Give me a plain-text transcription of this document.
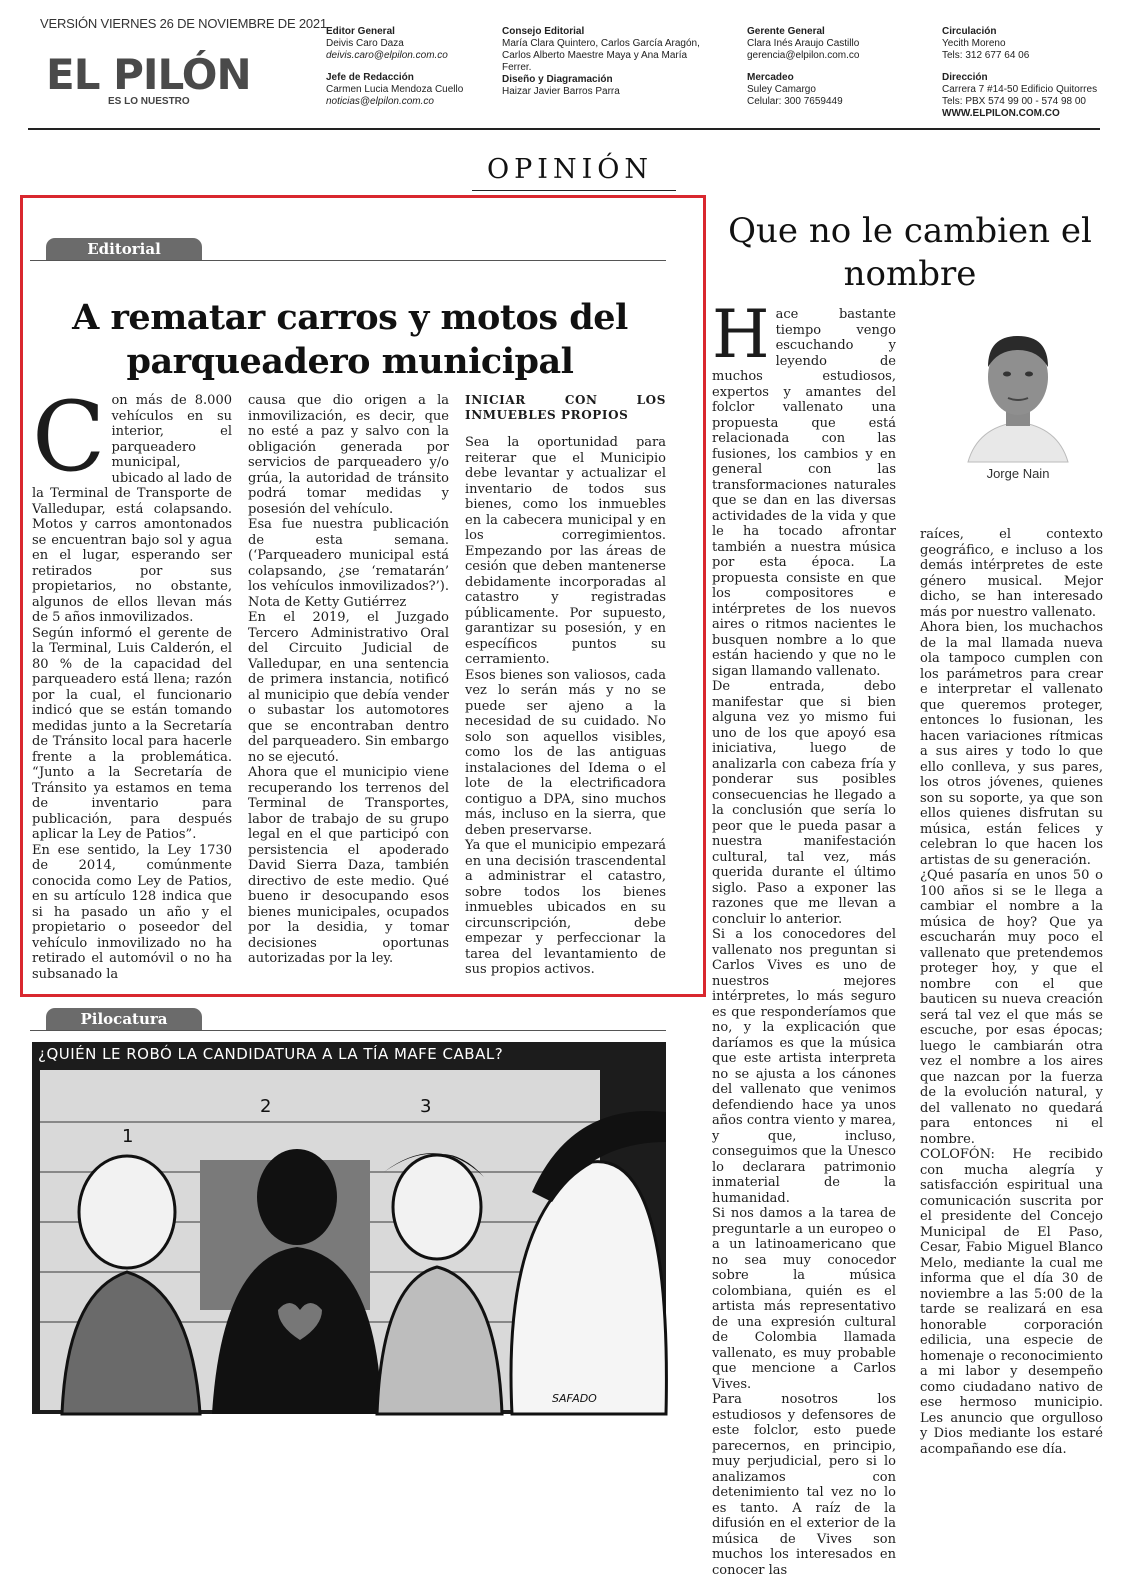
VERSIÓN VIERNES 26 DE NOVIEMBRE DE 2021
EL PILÓN
ES LO NUESTRO
Editor General
Deivis Caro Daza
deivis.caro@elpilon.com.co
Jefe de Redacción
Carmen Lucia Mendoza Cuello
noticias@elpilon.com.co
Consejo Editorial
María Clara Quintero, Carlos García Aragón,
Carlos Alberto Maestre Maya y Ana María
Ferrer.
Diseño y Diagramación
Haizar Javier Barros Parra
Gerente General
Clara Inés Araujo Castillo
gerencia@elpilon.com.co
Mercadeo
Suley Camargo
Celular: 300 7659449
Circulación
Yecith Moreno
Tels: 312 677 64 06
Dirección
Carrera 7 #14-50 Edificio Quitorres
Tels: PBX 574 99 00 - 574 98 00
WWW.ELPILON.COM.CO
OPINIÓN
Editorial
A rematar carros y motos del parqueadero municipal
C on más de 8.000 vehículos en su interior, el parqueadero municipal, ubicado al lado de la Terminal de Transporte de Valledupar, está colapsando. Motos y carros amontonados se encuentran bajo sol y agua en el lugar, esperando ser retirados por sus propietarios, no obstante, algunos de ellos llevan más de 5 años inmovilizados.

Según informó el gerente de la Terminal, Luis Calderón, el 80 % de la capacidad del parqueadero está llena; razón por la cual, el funcionario indicó que se están tomando medidas junto a la Secretaría de Tránsito local para hacerle frente a la problemática. “Junto a la Secretaría de Tránsito ya estamos en tema de inventario para publicación, para después aplicar la Ley de Patios”.

En ese sentido, la Ley 1730 de 2014, comúnmente conocida como Ley de Patios, en su artículo 128 indica que si ha pasado un año y el propietario o poseedor del vehículo inmovilizado no ha retirado el automóvil o no ha subsanado la

causa que dio origen a la inmovilización, es decir, que no esté a paz y salvo con la obligación generada por servicios de parqueadero y/o grúa, la autoridad de tránsito podrá tomar medidas y posesión del vehículo.

Esa fue nuestra publicación de esta semana. (‘Parqueadero municipal está colapsando, ¿se ‘rematarán’ los vehículos inmovilizados?’). Nota de Ketty Gutiérrez

En el 2019, el Juzgado Tercero Administrativo Oral del Circuito Judicial de Valledupar, en una sentencia de primera instancia, notificó al municipio que debía vender o subastar los automotores que se encontraban dentro del parqueadero. Sin embargo no se ejecutó.

Ahora que el municipio viene recuperando los terrenos del Terminal de Transportes, labor de trabajo de su grupo legal en el que participó con persistencia el apoderado David Sierra Daza, también directivo de este medio. Qué bueno ir desocupando esos bienes municipales, ocupados por la desidia, y tomar decisiones oportunas autorizadas por la ley.

INICIAR CON LOS INMUEBLES PROPIOS

Sea la oportunidad para reiterar que el Municipio debe levantar y actualizar el inventario de todos sus bienes, como los inmuebles en la cabecera municipal y en los corregimientos. Empezando por las áreas de cesión que deben mantenerse debidamente incorporadas al catastro y registradas públicamente. Por supuesto, garantizar su posesión, y en específicos puntos su cerramiento.

Esos bienes son valiosos, cada vez lo serán más y no se puede ser ajeno a la necesidad de su cuidado. No solo son aquellos visibles, como los de las antiguas instalaciones del Idema o el lote de la electrificadora contiguo a DPA, sino muchos más, incluso en la sierra, que deben preservarse.

Ya que el municipio empezará en una decisión trascendental a administrar el catastro, sobre todos los bienes inmuebles ubicados en su circunscripción, debe empezar y perfeccionar la tarea del levantamiento de sus propios activos.

Pilocatura
SAFADO
2	3
1
¿QUIÉN LE ROBÓ LA CANDIDATURA A LA TÍA MAFE CABAL?
Que no le cambien el nombre
Jorge Nain
H ace bastante tiempo vengo escuchando y leyendo de muchos estudiosos, expertos y amantes del folclor vallenato una propuesta que está relacionada con las fusiones, los cambios y en general con las transformaciones naturales que se dan en las diversas actividades de la vida y que le ha tocado afrontar también a nuestra música por esta época. La propuesta consiste en que los compositores e intérpretes de los nuevos aires o ritmos nacientes le busquen nombre a lo que están haciendo y que no le sigan llamando vallenato.

De entrada, debo manifestar que si bien alguna vez yo mismo fui uno de los que apoyó esa iniciativa, luego de analizarla con cabeza fría y ponderar sus posibles consecuencias he llegado a la conclusión que sería lo peor que le pueda pasar a nuestra manifestación cultural, tal vez, más querida durante el último siglo. Paso a exponer las razones que me llevan a concluir lo anterior.

Si a los conocedores del vallenato nos preguntan si Carlos Vives es uno de nuestros mejores intérpretes, lo más seguro es que responderíamos que no, y la explicación que daríamos es que la música que este artista interpreta no se ajusta a los cánones del vallenato que venimos defendiendo hace ya unos años contra viento y marea, y que, incluso, conseguimos que la Unesco lo declarara patrimonio inmaterial de la humanidad.

Si nos damos a la tarea de preguntarle a un europeo o a un latinoamericano que no sea muy conocedor sobre la música colombiana, quién es el artista más representativo de una expresión cultural de Colombia llamada vallenato, es muy probable que mencione a Carlos Vives.

Para nosotros los estudiosos y defensores de este folclor, esto puede parecernos, en principio, muy perjudicial, pero si lo analizamos con detenimiento tal vez no lo es tanto. A raíz de la difusión en el exterior de la música de Vives son muchos los interesados en conocer las

raíces, el contexto geográfico, e incluso a los demás intérpretes de este género musical. Mejor dicho, se han interesado más por nuestro vallenato.

Ahora bien, los muchachos de la mal llamada nueva ola tampoco cumplen con los parámetros para crear e interpretar el vallenato que queremos proteger, entonces lo fusionan, les hacen variaciones rítmicas a sus aires y todo lo que ello conlleva, y sus pares, los otros jóvenes, quienes son su soporte, ya que son ellos quienes disfrutan su música, están felices y celebran lo que hacen los artistas de su generación.

¿Qué pasaría en unos 50 o 100 años si se le llega a cambiar el nombre a la música de hoy? Que ya escucharán muy poco el vallenato que pretendemos proteger hoy, y que el nombre con el que bauticen su nueva creación será tal vez el que más se escuche, por esas épocas; luego le cambiarán otra vez el nombre a los aires que nazcan por la fuerza de la evolución natural, y del vallenato no quedará para entonces ni el nombre.

COLOFÓN: He recibido con mucha alegría y satisfacción espiritual una comunicación suscrita por el presidente del Concejo Municipal de El Paso, Cesar, Fabio Miguel Blanco Melo, mediante la cual me informa que el día 30 de noviembre a las 5:00 de la tarde se realizará en esa honorable corporación edilicia, una especie de homenaje o reconocimiento a mi labor y desempeño como ciudadano nativo de ese hermoso municipio. Les anuncio que orgulloso y Dios mediante los estaré acompañando ese día.
